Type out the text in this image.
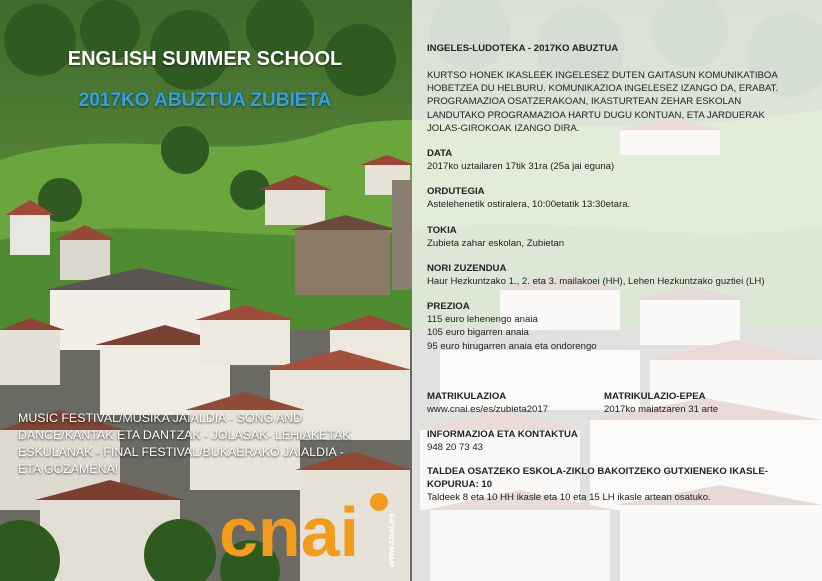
ENGLISH SUMMER SCHOOL
2017KO ABUZTUA ZUBIETA
MUSIC FESTIVAL/MUSIKA JAIALDIA - SONG AND DANCE/KANTAK ETA DANTZAK - JOLASAK- LEHIAKETAK ESKULANAK - FINAL FESTIVAL/BUKAERAKO JAIALDIA - ETA GOZAMENA!
cnai	www.cnai.es
INGELES-LUDOTEKA - 2017KO ABUZTUA
KURTSO HONEK IKASLEEK INGELESEZ DUTEN GAITASUN KOMUNIKATIBOA HOBETZEA DU HELBURU. KOMUNIKAZIOA INGELESEZ IZANGO DA, ERABAT. PROGRAMAZIOA OSATZERAKOAN, IKASTURTEAN ZEHAR ESKOLAN LANDUTAKO PROGRAMAZIOA HARTU DUGU KONTUAN, ETA JARDUERAK JOLAS-GIROKOAK IZANGO DIRA.
DATA
2017ko uztailaren 17tik 31ra (25a jai eguna)
ORDUTEGIA
Astelehenetik ostiralera, 10:00etatik 13:30etara.
TOKIA
Zubieta zahar eskolan, Zubietan
NORI ZUZENDUA
Haur Hezkuntzako 1., 2. eta 3. mailakoei (HH), Lehen Hezkuntzako guztiei (LH)
PREZIOA
115 euro lehenengo anaia
105 euro bigarren anaia
95 euro hirugarren anaia eta ondorengo
MATRIKULAZIOA
www.cnai.es/es/zubieta2017
MATRIKULAZIO-EPEA
2017ko maiatzaren 31 arte
INFORMAZIOA ETA KONTAKTUA
948 20 73 43
TALDEA OSATZEKO ESKOLA-ZIKLO BAKOITZEKO GUTXIENEKO IKASLE-KOPURUA: 10
Taldeek 8 eta 10 HH ikasle eta 10 eta 15 LH ikasle artean osatuko.
